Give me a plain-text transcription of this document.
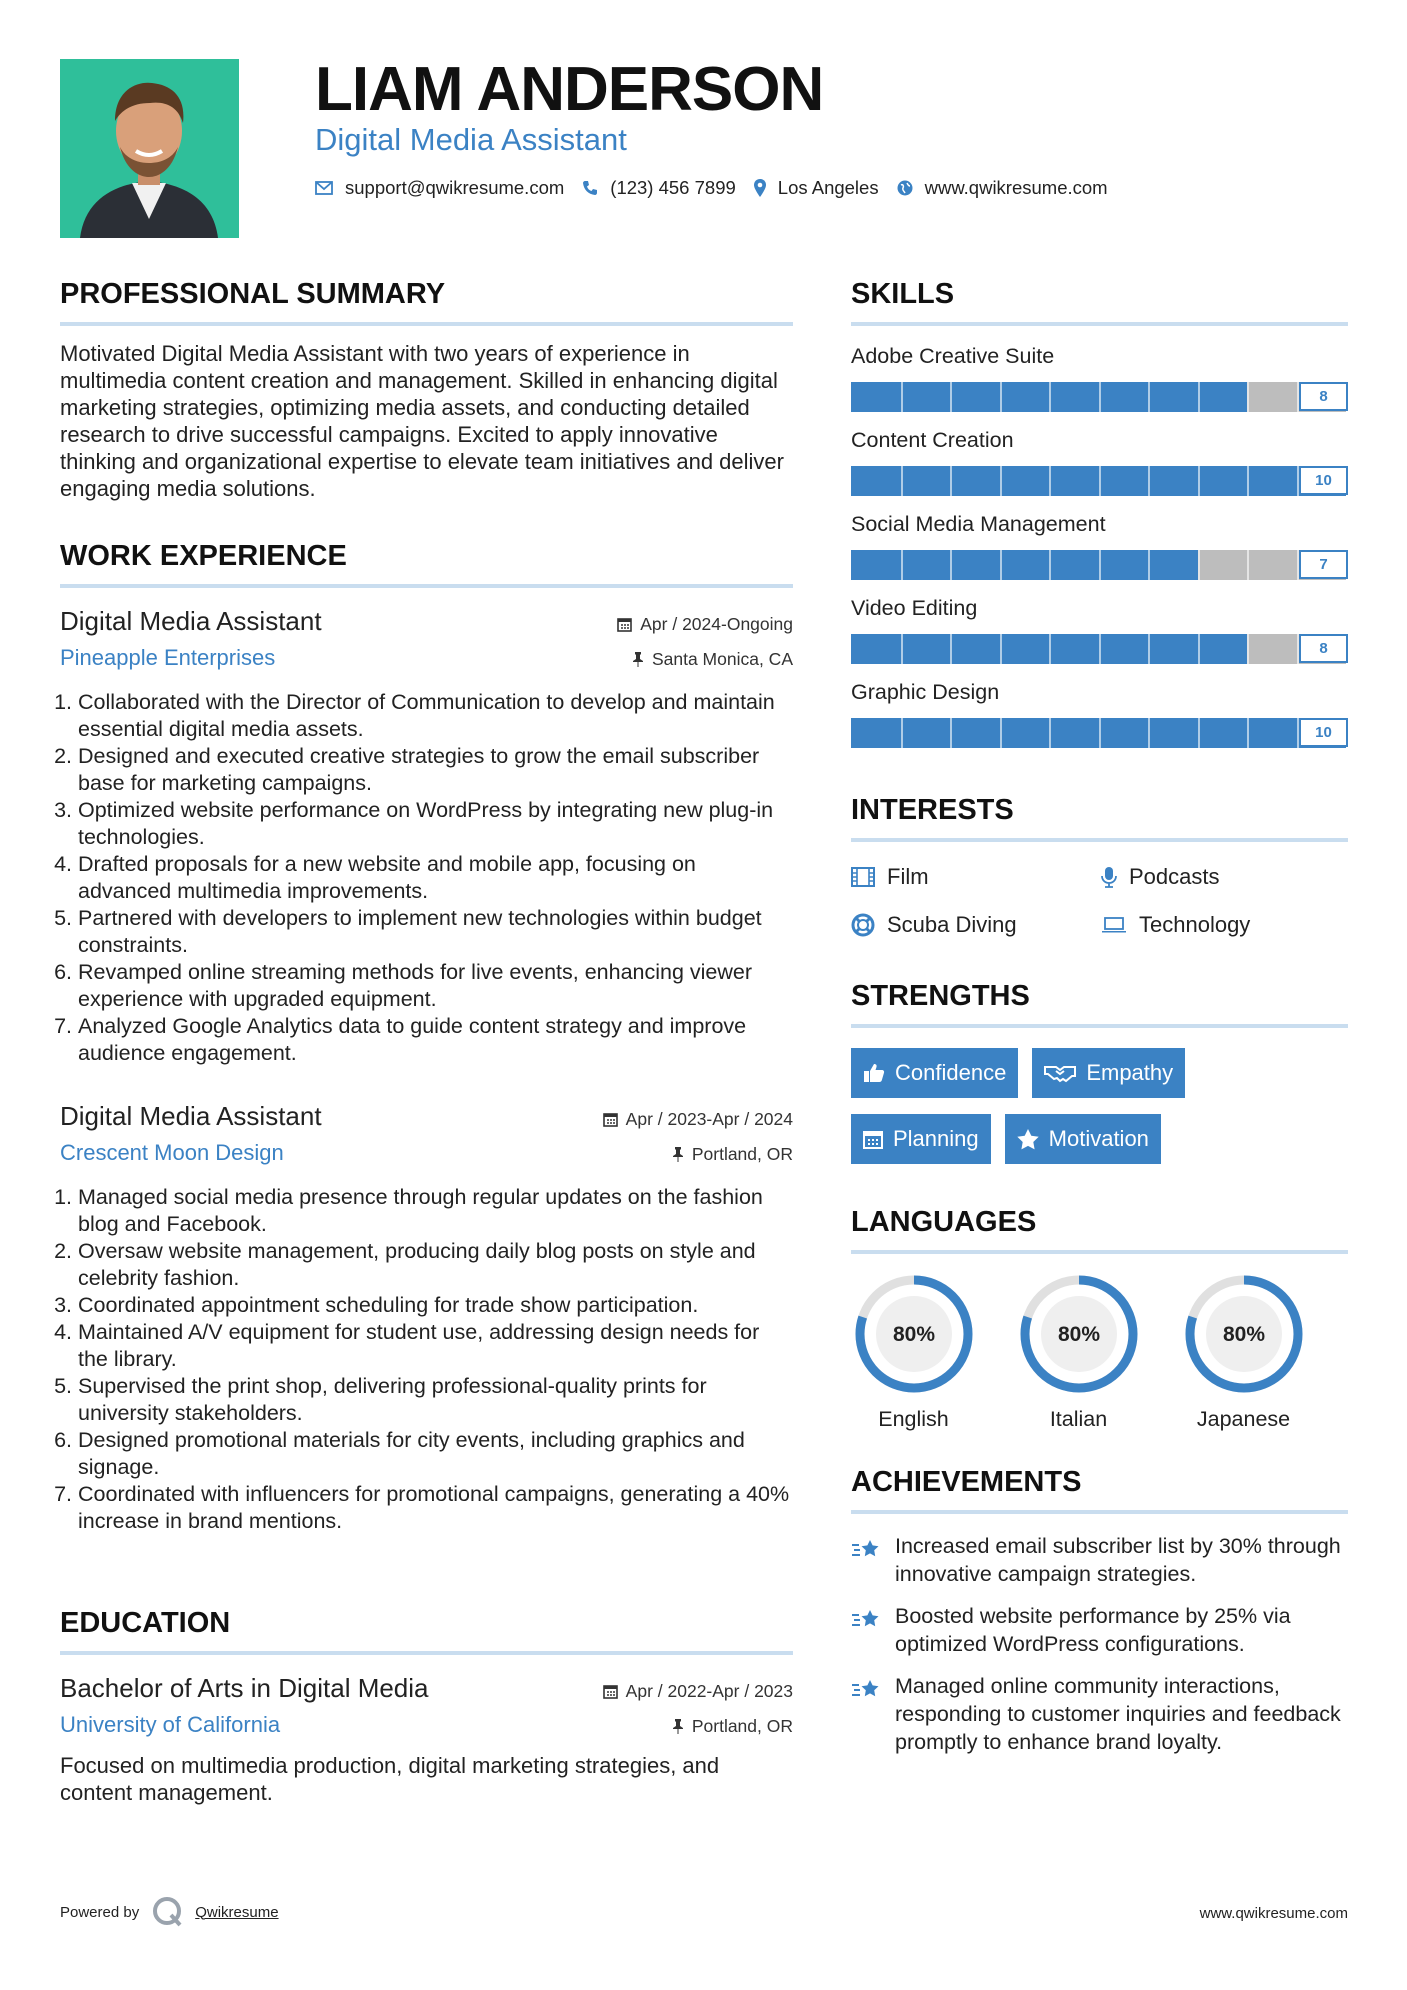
LIAM ANDERSON
Digital Media Assistant
support@qwikresume.com (123) 456 7899 Los Angeles www.qwikresume.com
PROFESSIONAL SUMMARY
Motivated Digital Media Assistant with two years of experience in multimedia content creation and management. Skilled in enhancing digital marketing strategies, optimizing media assets, and conducting detailed research to drive successful campaigns. Excited to apply innovative thinking and organizational expertise to elevate team initiatives and deliver engaging media solutions.
WORK EXPERIENCE
Digital Media Assistant
Pineapple Enterprises
Apr / 2024-Ongoing
Santa Monica, CA
1. Collaborated with the Director of Communication to develop and maintain essential digital media assets.
2. Designed and executed creative strategies to grow the email subscriber base for marketing campaigns.
3. Optimized website performance on WordPress by integrating new plug-in technologies.
4. Drafted proposals for a new website and mobile app, focusing on advanced multimedia improvements.
5. Partnered with developers to implement new technologies within budget constraints.
6. Revamped online streaming methods for live events, enhancing viewer experience with upgraded equipment.
7. Analyzed Google Analytics data to guide content strategy and improve audience engagement.
Digital Media Assistant
Crescent Moon Design
Apr / 2023-Apr / 2024
Portland, OR
1. Managed social media presence through regular updates on the fashion blog and Facebook.
2. Oversaw website management, producing daily blog posts on style and celebrity fashion.
3. Coordinated appointment scheduling for trade show participation.
4. Maintained A/V equipment for student use, addressing design needs for the library.
5. Supervised the print shop, delivering professional-quality prints for university stakeholders.
6. Designed promotional materials for city events, including graphics and signage.
7. Coordinated with influencers for promotional campaigns, generating a 40% increase in brand mentions.
EDUCATION
Bachelor of Arts in Digital Media
University of California
Apr / 2022-Apr / 2023
Portland, OR
Focused on multimedia production, digital marketing strategies, and content management.
SKILLS
Adobe Creative Suite
8
Content Creation
10
Social Media Management
7
Video Editing
8
Graphic Design
10
INTERESTS
Film	Podcasts
Scuba Diving	Technology
STRENGTHS
Confidence	Empathy
Planning	Motivation
LANGUAGES
80%
English
80%
Italian
80%
Japanese
ACHIEVEMENTS
Increased email subscriber list by 30% through innovative campaign strategies.
Boosted website performance by 25% via optimized WordPress configurations.
Managed online community interactions, responding to customer inquiries and feedback promptly to enhance brand loyalty.
Powered by	Qwikresume	www.qwikresume.com
